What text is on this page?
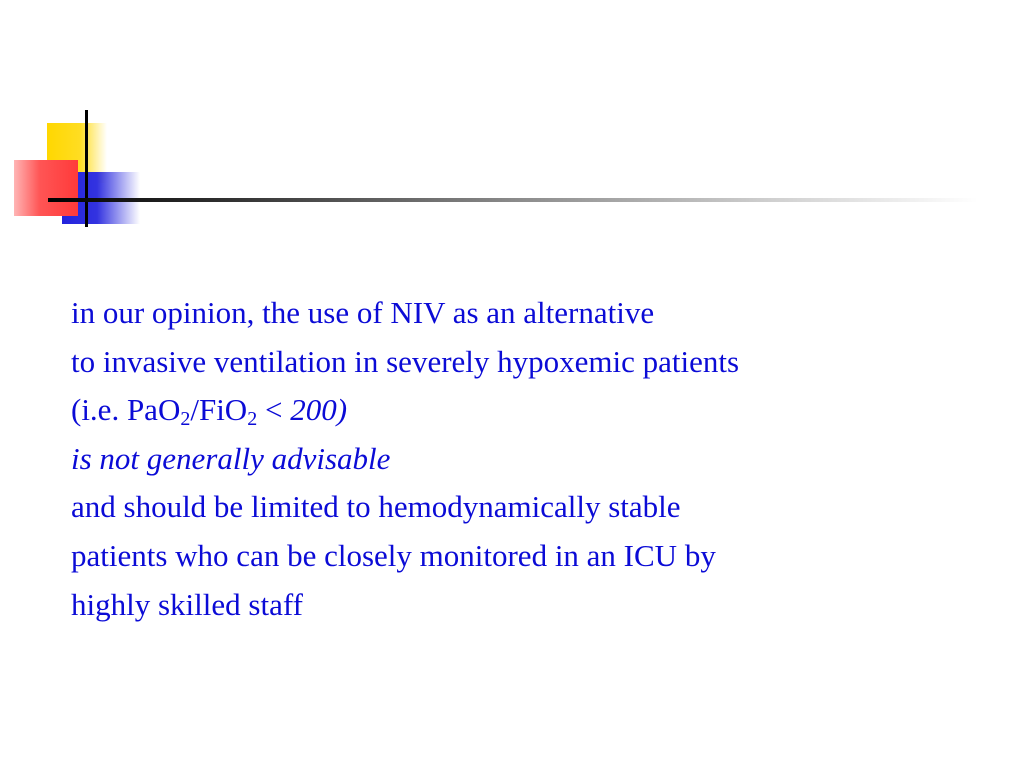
in our opinion, the use of NIV as an alternative
to invasive ventilation in severely hypoxemic patients
(i.e. PaO$_2$/FiO$_2$ < 200)
is not generally advisable
and should be limited to hemodynamically stable
patients who can be closely monitored in an ICU by
highly skilled staff
